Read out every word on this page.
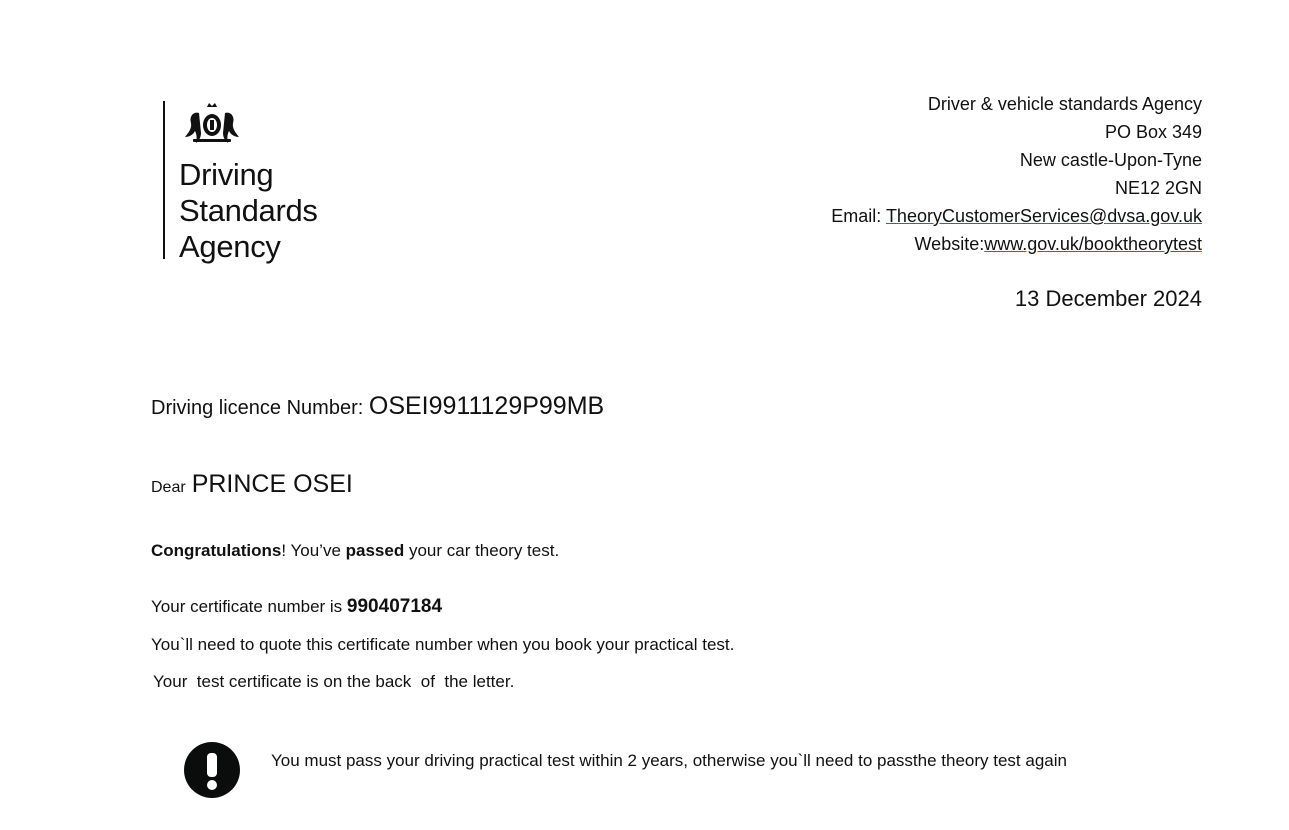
Driving
Standards
Agency
Driver & vehicle standards Agency
PO Box 349
New castle-Upon-Tyne
NE12 2GN
Email: TheoryCustomerServices@dvsa.gov.uk
Website:www.gov.uk/booktheorytest
13 December 2024
Driving licence Number: OSEI9911129P99MB
Dear PRINCE OSEI
Congratulations! You’ve passed your car theory test.
Your certificate number is 990407184
You`ll need to quote this certificate number when you book your practical test.
Your  test certificate is on the back  of  the letter.
You must pass your driving practical test within 2 years, otherwise you`ll need to passthe theory test again
